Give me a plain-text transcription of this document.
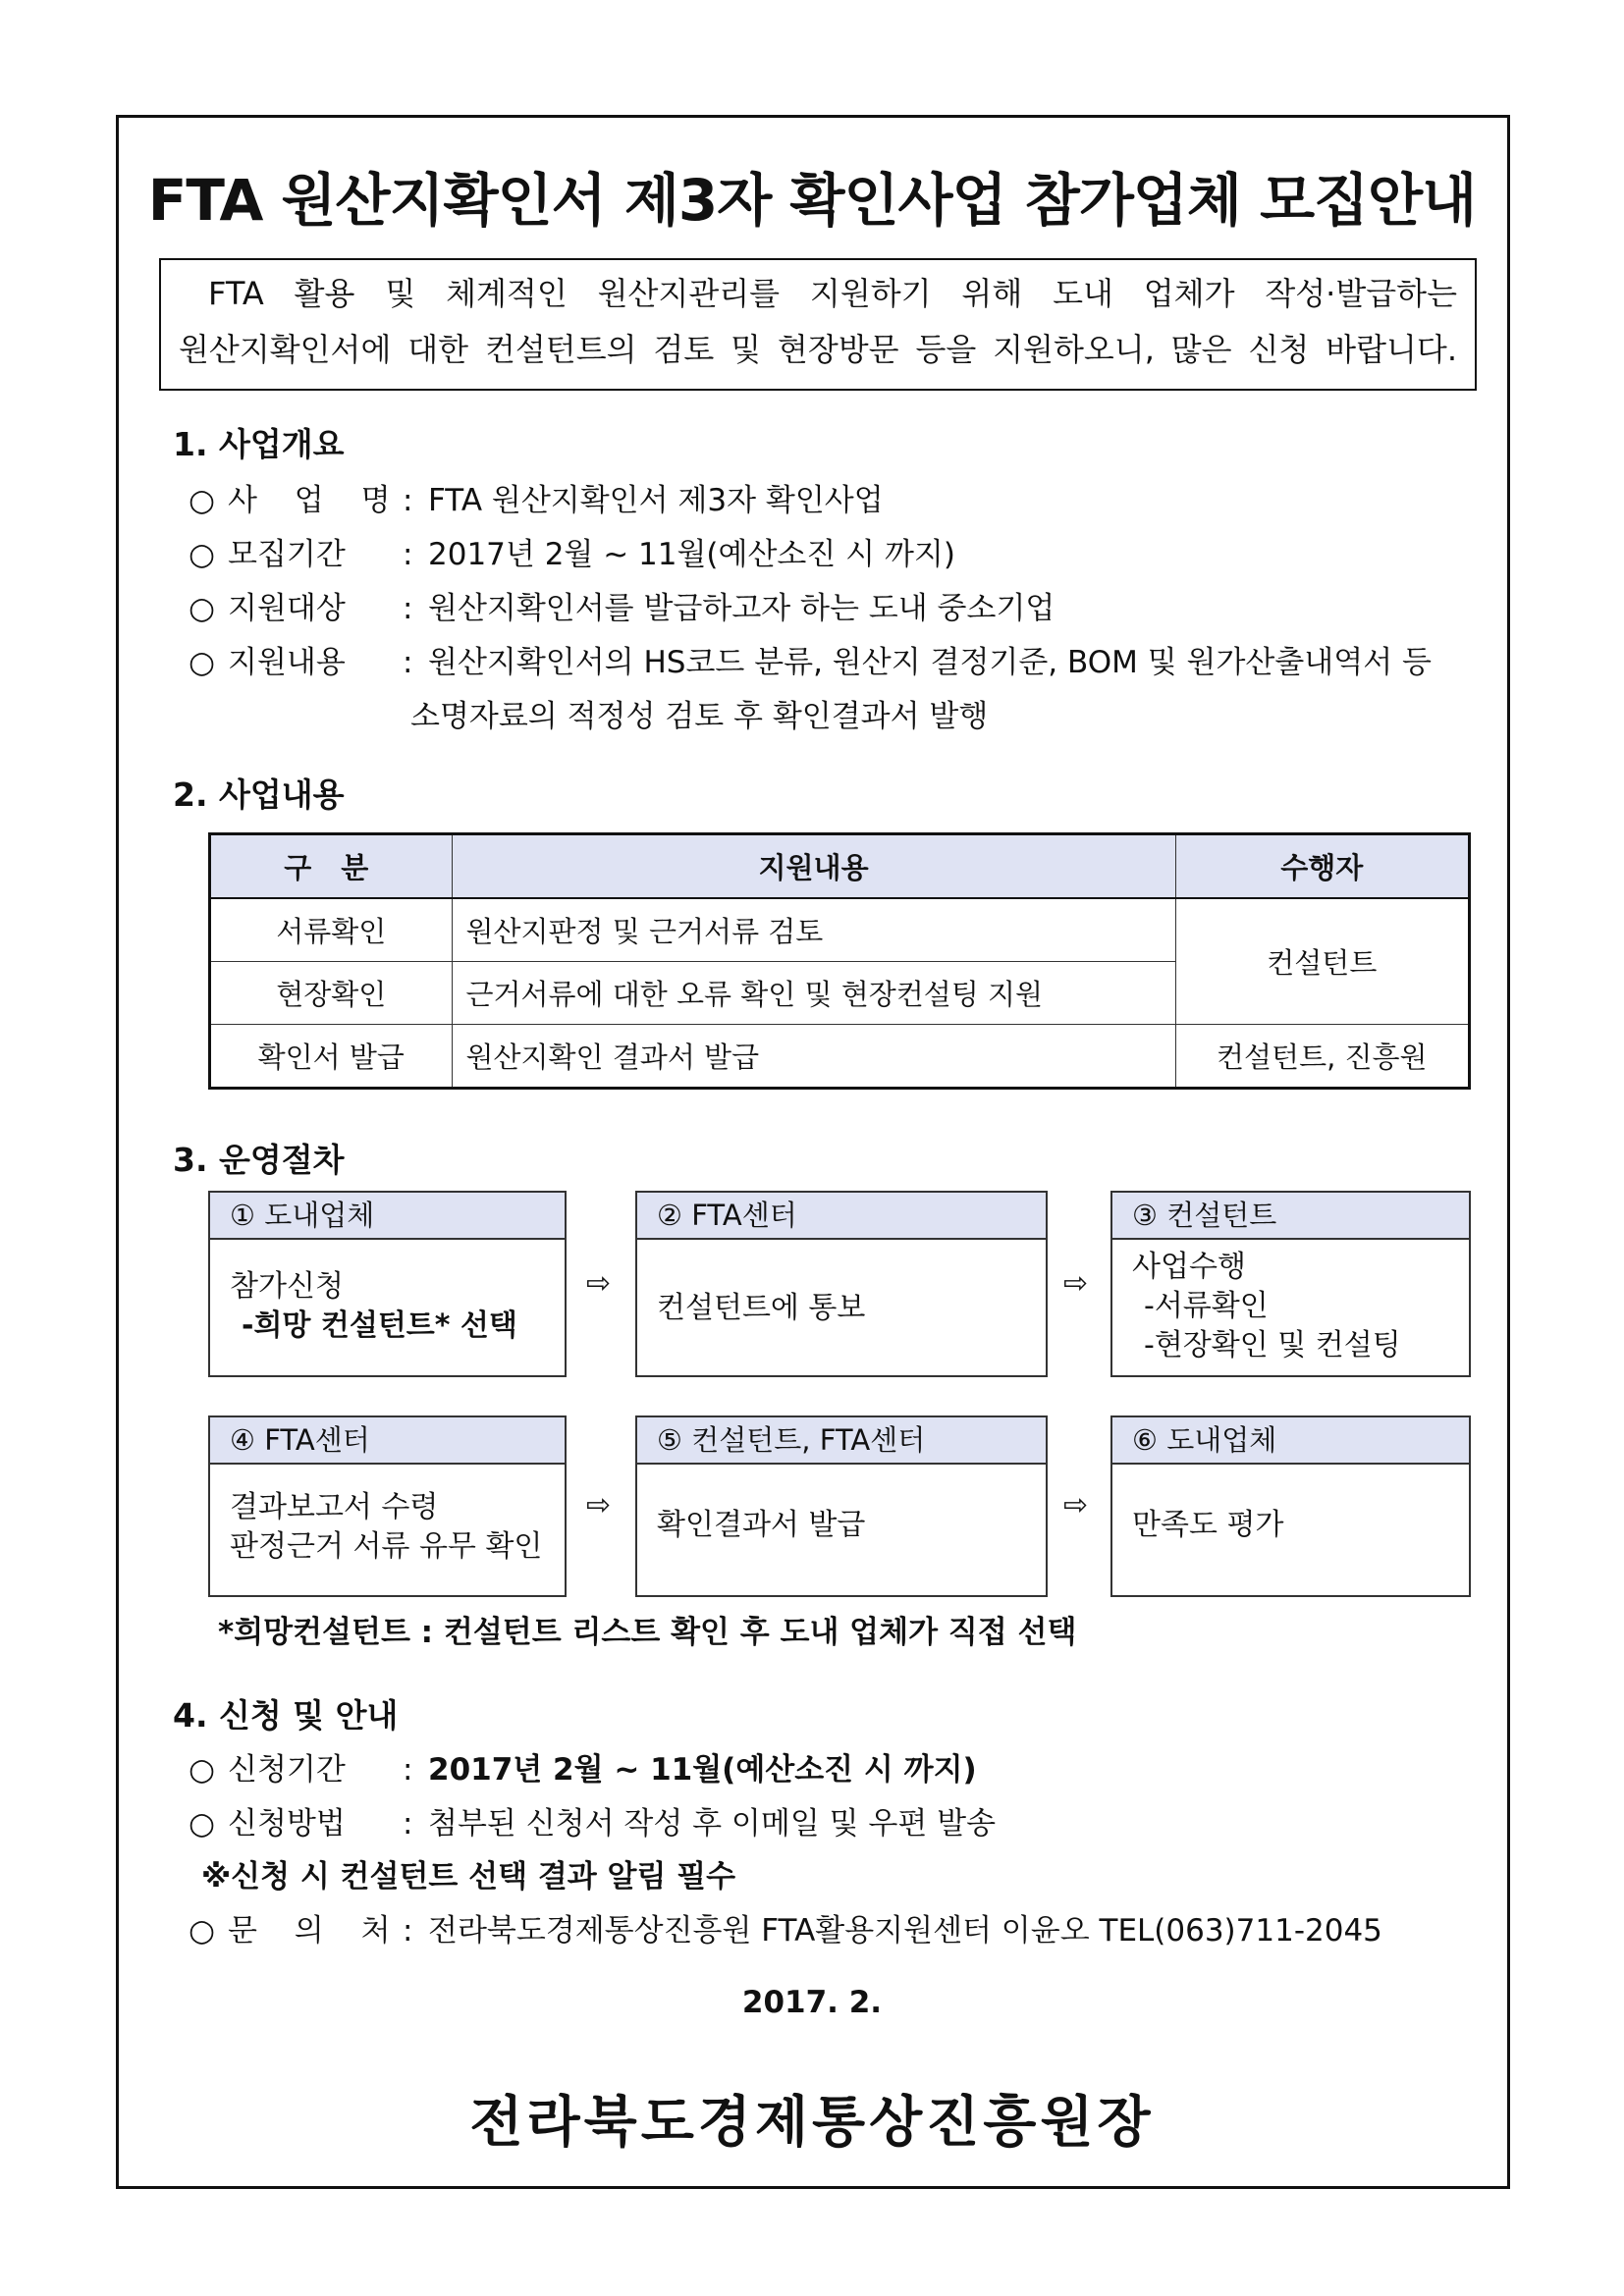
FTA 원산지확인서 제3자 확인사업 참가업체 모집안내
FTA 활용 및 체계적인 원산지관리를 지원하기 위해 도내 업체가 작성·발급하는
원산지확인서에 대한 컨설턴트의 검토 및 현장방문 등을 지원하오니, 많은 신청 바랍니다.
1. 사업개요
○ 사 업 명: FTA 원산지확인서 제3자 확인사업
○ 모집기간 : 2017년 2월 ~ 11월(예산소진 시 까지)
○ 지원대상 : 원산지확인서를 발급하고자 하는 도내 중소기업
○ 지원내용 : 원산지확인서의 HS코드 분류, 원산지 결정기준, BOM 및 원가산출내역서 등
소명자료의 적정성 검토 후 확인결과서 발행
2. 사업내용
구 분	지원내용	수행자
서류확인	원산지판정 및 근거서류 검토	컨설턴트
현장확인	근거서류에 대한 오류 확인 및 현장컨설팅 지원	
확인서 발급	원산지확인 결과서 발급	컨설턴트, 진흥원
3. 운영절차
① 도내업체
참가신청
-희망 컨설턴트* 선택
⇨
② FTA센터
컨설턴트에 통보
⇨
③ 컨설턴트
사업수행
-서류확인
-현장확인 및 컨설팅
④ FTA센터
결과보고서 수령
판정근거 서류 유무 확인
⇨
⑤ 컨설턴트, FTA센터
확인결과서 발급
⇨
⑥ 도내업체
만족도 평가
*희망컨설턴트 : 컨설턴트 리스트 확인 후 도내 업체가 직접 선택
4. 신청 및 안내
○ 신청기간 : 2017년 2월 ~ 11월(예산소진 시 까지)
○ 신청방법 : 첨부된 신청서 작성 후 이메일 및 우편 발송
※신청 시 컨설턴트 선택 결과 알림 필수
○ 문 의 처: 전라북도경제통상진흥원 FTA활용지원센터 이윤오 TEL(063)711-2045
2017. 2.
전라북도경제통상진흥원장
